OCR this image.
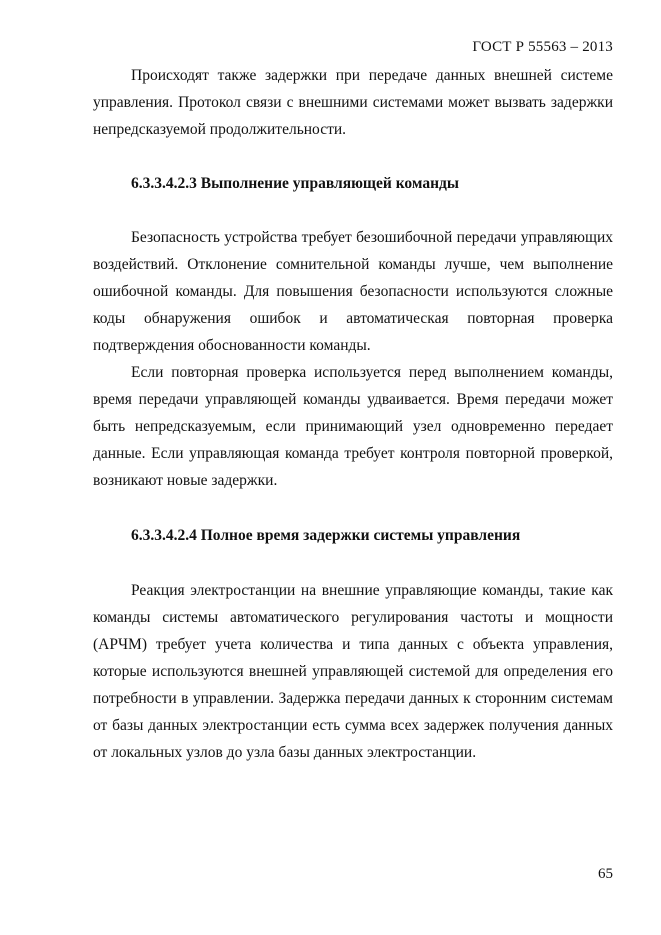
ГОСТ Р 55563 – 2013

Происходят также задержки при передаче данных внешней системе управления. Протокол связи с внешними системами может вызвать задержки непредсказуемой продолжительности.

6.3.3.4.2.3 Выполнение управляющей команды

Безопасность устройства требует безошибочной передачи управляющих воздействий. Отклонение сомнительной команды лучше, чем выполнение ошибочной команды. Для повышения безопасности используются сложные коды обнаружения ошибок и автоматическая повторная проверка подтверждения обоснованности команды.

Если повторная проверка используется перед выполнением команды, время передачи управляющей команды удваивается. Время передачи может быть непредсказуемым, если принимающий узел одновременно передает данные. Если управляющая команда требует контроля повторной проверкой, возникают новые задержки.

6.3.3.4.2.4 Полное время задержки системы управления

Реакция электростанции на внешние управляющие команды, такие как команды системы автоматического регулирования частоты и мощности (АРЧМ) требует учета количества и типа данных с объекта управления, которые используются внешней управляющей системой для определения его потребности в управлении. Задержка передачи данных к сторонним системам от базы данных электростанции есть сумма всех задержек получения данных от локальных узлов до узла базы данных электростанции.

65
